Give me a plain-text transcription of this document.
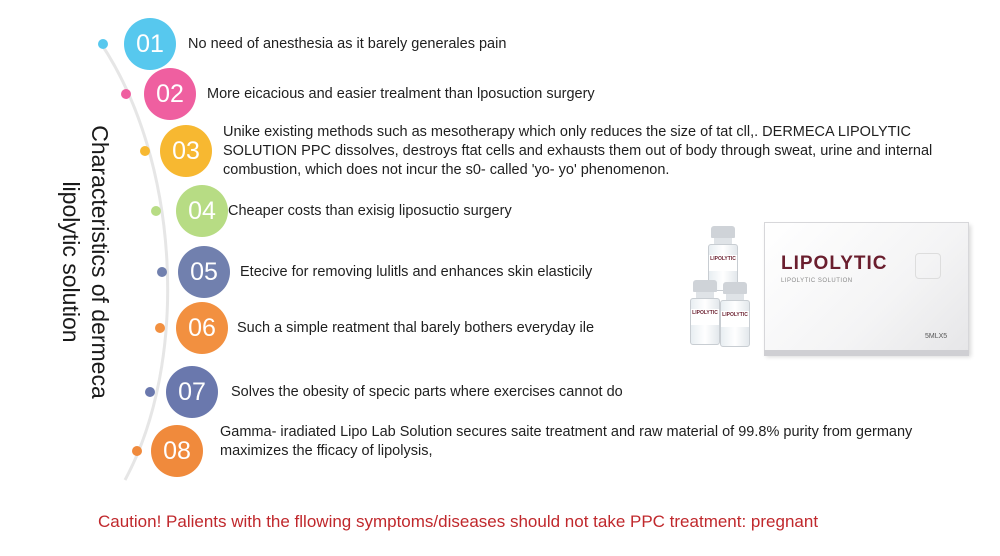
Characteristics of dermeca
lipolytic solution
01 No need of anesthesia as it barely generales pain
02 More eicacious and easier trealment than lposuction surgery
03
Unike existing methods such as mesotherapy which only reduces the size of tat cll,. DERMECA LIPOLYTIC SOLUTION PPC dissolves, destroys ftat cells and exhausts them out of body through sweat, urine and internal combustion, which does not incur the s0- called 'yo- yo' phenomenon.
04 Cheaper costs than exisig liposuctio surgery
05 Etecive for removing lulitls and enhances skin elasticily
06 Such a simple reatment thal barely bothers everyday ile
07 Solves the obesity of specic parts where exercises cannot do
08
Gamma- iradiated Lipo Lab Solution secures saite treatment and raw material of 99.8% purity from germany maximizes the fficacy of lipolysis,
LIPOLYTIC
LIPOLYTIC SOLUTION
5MLX5
LIPOLYTIC
LIPOLYTIC LIPOLYTIC
Caution! Palients with the fllowing symptoms/diseases should not take PPC treatment: pregnant
